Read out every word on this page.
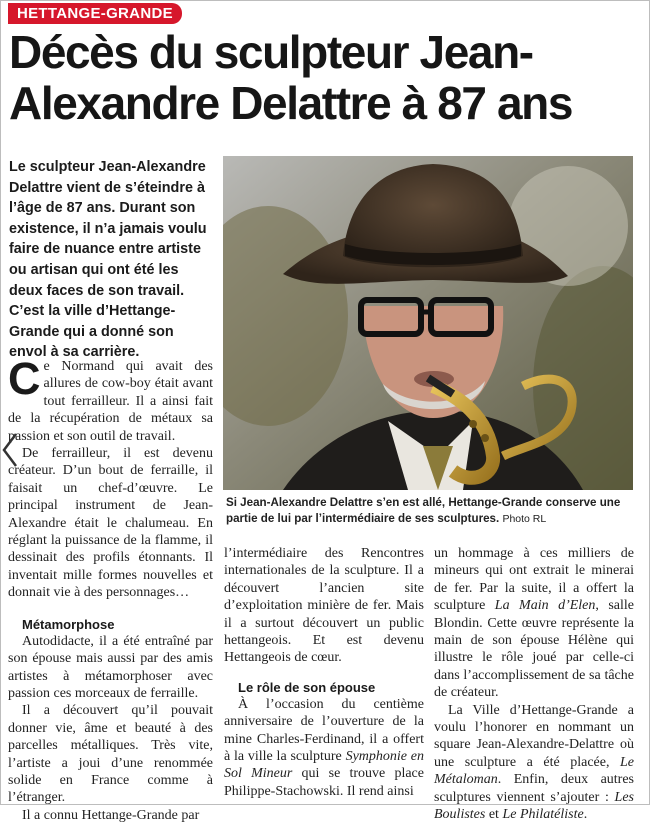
HETTANGE-GRANDE
Décès du sculpteur Jean-Alexandre Delattre à 87 ans

Le sculpteur Jean-Alexandre Delattre vient de s’éteindre à l’âge de 87 ans. Durant son existence, il n’a jamais voulu faire de nuance entre artiste ou artisan qui ont été les deux faces de son travail. C’est la ville d’Hettange-Grande qui a donné son envol à sa carrière.

Si Jean-Alexandre Delattre s’en est allé, Hettange-Grande conserve une partie de lui par l’intermédiaire de ses sculptures. Photo RL

Ce Normand qui avait des allures de cow-boy était avant tout ferrailleur. Il a ainsi fait de la récupération de métaux sa passion et son outil de travail.

De ferrailleur, il est devenu créateur. D’un bout de ferraille, il faisait un chef-d’œuvre. Le principal instrument de Jean-Alexandre était le chalumeau. En réglant la puissance de la flamme, il dessinait des profils étonnants. Il inventait mille formes nouvelles et donnait vie à des personnages…

Métamorphose

Autodidacte, il a été entraîné par son épouse mais aussi par des amis artistes à métamorphoser avec passion ces morceaux de ferraille.

Il a découvert qu’il pouvait donner vie, âme et beauté à des parcelles métalliques. Très vite, l’artiste a joui d’une renommée solide en France comme à l’étranger.

Il a connu Hettange-Grande par

l’intermédiaire des Rencontres internationales de la sculpture. Il a découvert l’ancien site d’exploitation minière de fer. Mais il a surtout découvert un public hettangeois. Et est devenu Hettangeois de cœur.

Le rôle de son épouse

À l’occasion du centième anniversaire de l’ouverture de la mine Charles-Ferdinand, il a offert à la ville la sculpture Symphonie en Sol Mineur qui se trouve place Philippe-Stachowski. Il rend ainsi

un hommage à ces milliers de mineurs qui ont extrait le minerai de fer. Par la suite, il a offert la sculpture La Main d’Elen, salle Blondin. Cette œuvre représente la main de son épouse Hélène qui illustre le rôle joué par celle-ci dans l’accomplissement de sa tâche de créateur.

La Ville d’Hettange-Grande a voulu l’honorer en nommant un square Jean-Alexandre-Delattre où une sculpture a été placée, Le Métaloman. Enfin, deux autres sculptures viennent s’ajouter : Les Boulistes et Le Philatéliste.
